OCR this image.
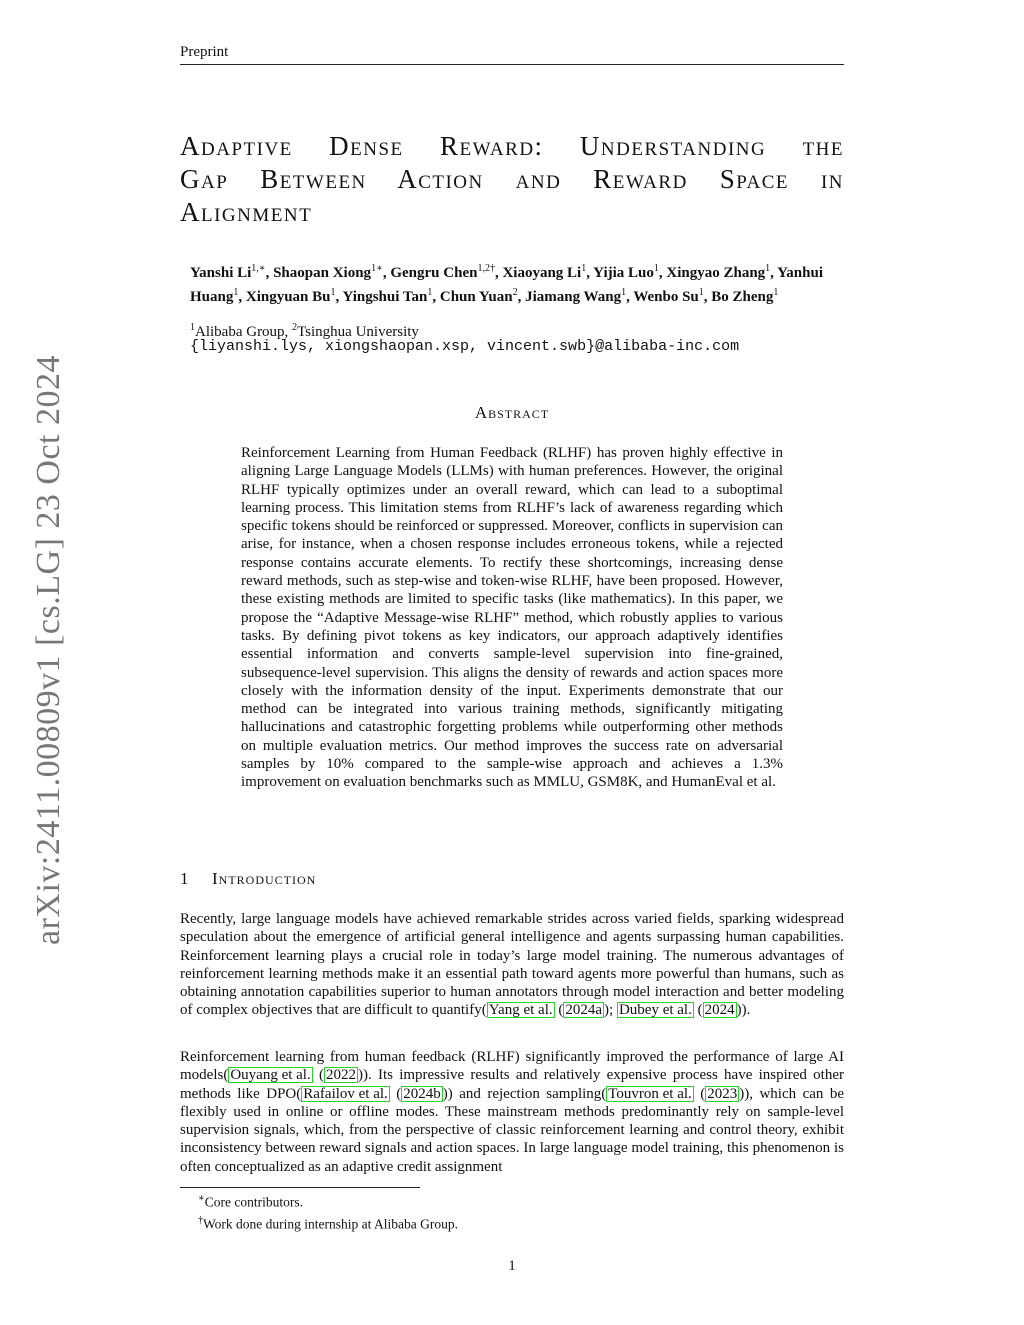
Preprint
arXiv:2411.00809v1 [cs.LG] 23 Oct 2024
Adaptive Dense Reward: Understanding the
Gap Between Action and Reward Space in
Alignment
Yanshi $Li^{1,∗}$, Shaopan Xiong$^{1∗}$, Gengru Chen$^{1,2\dagger}$, Xiaoyang Li$^1$, Yijia Luo$^1$, Xingyao Zhang$^1$, Yanhui Huang$^1$, Xingyuan Bu$^1$, Yingshui Tan$^1$, Chun Yuan$^2$, Jiamang Wang$^1$, Wenbo Su$^1$, Bo Zheng$^1$
$^1$Alibaba Group, $^2$Tsinghua University
{liyanshi.lys, xiongshaopan.xsp, vincent.swb}@alibaba-inc.com
Abstract

Reinforcement Learning from Human Feedback (RLHF) has proven highly effective in aligning Large Language Models (LLMs) with human preferences. However, the original RLHF typically optimizes under an overall reward, which can lead to a suboptimal learning process. This limitation stems from RLHF’s lack of awareness regarding which specific tokens should be reinforced or suppressed. Moreover, conflicts in supervision can arise, for instance, when a chosen response includes erroneous tokens, while a rejected response contains accurate elements. To rectify these shortcomings, increasing dense reward methods, such as step-wise and token-wise RLHF, have been proposed. However, these existing methods are limited to specific tasks (like mathematics). In this paper, we propose the “Adaptive Message-wise RLHF” method, which robustly applies to various tasks. By defining pivot tokens as key indicators, our approach adaptively identifies essential information and converts sample-level supervision into fine-grained, subsequence-level supervision. This aligns the density of rewards and action spaces more closely with the information density of the input. Experiments demonstrate that our method can be integrated into various training methods, significantly mitigating hallucinations and catastrophic forgetting problems while outperforming other methods on multiple evaluation metrics. Our method improves the success rate on adversarial samples by 10% compared to the sample-wise approach and achieves a 1.3% improvement on evaluation benchmarks such as MMLU, GSM8K, and HumanEval et al.

1 Introduction

Recently, large language models have achieved remarkable strides across varied fields, sparking widespread speculation about the emergence of artificial general intelligence and agents surpassing human capabilities. Reinforcement learning plays a crucial role in today’s large model training. The numerous advantages of reinforcement learning methods make it an essential path toward agents more powerful than humans, such as obtaining annotation capabilities superior to human annotators through model interaction and better modeling of complex objectives that are difficult to quantify( Yang et al. ( 2024a ); Dubey et al. ( 2024 )).

Reinforcement learning from human feedback (RLHF) significantly improved the performance of large AI models( Ouyang et al. ( 2022 )). Its impressive results and relatively expensive process have inspired other methods like DPO( Rafailov et al. ( 2024b )) and rejection sampling( Touvron et al. ( 2023 )), which can be flexibly used in online or offline modes. These mainstream methods predominantly rely on sample-level supervision signals, which, from the perspective of classic reinforcement learning and control theory, exhibit inconsistency between reward signals and action spaces. In large language model training, this phenomenon is often conceptualized as an adaptive credit assignment

∗Core contributors.
†Work done during internship at Alibaba Group.
1
